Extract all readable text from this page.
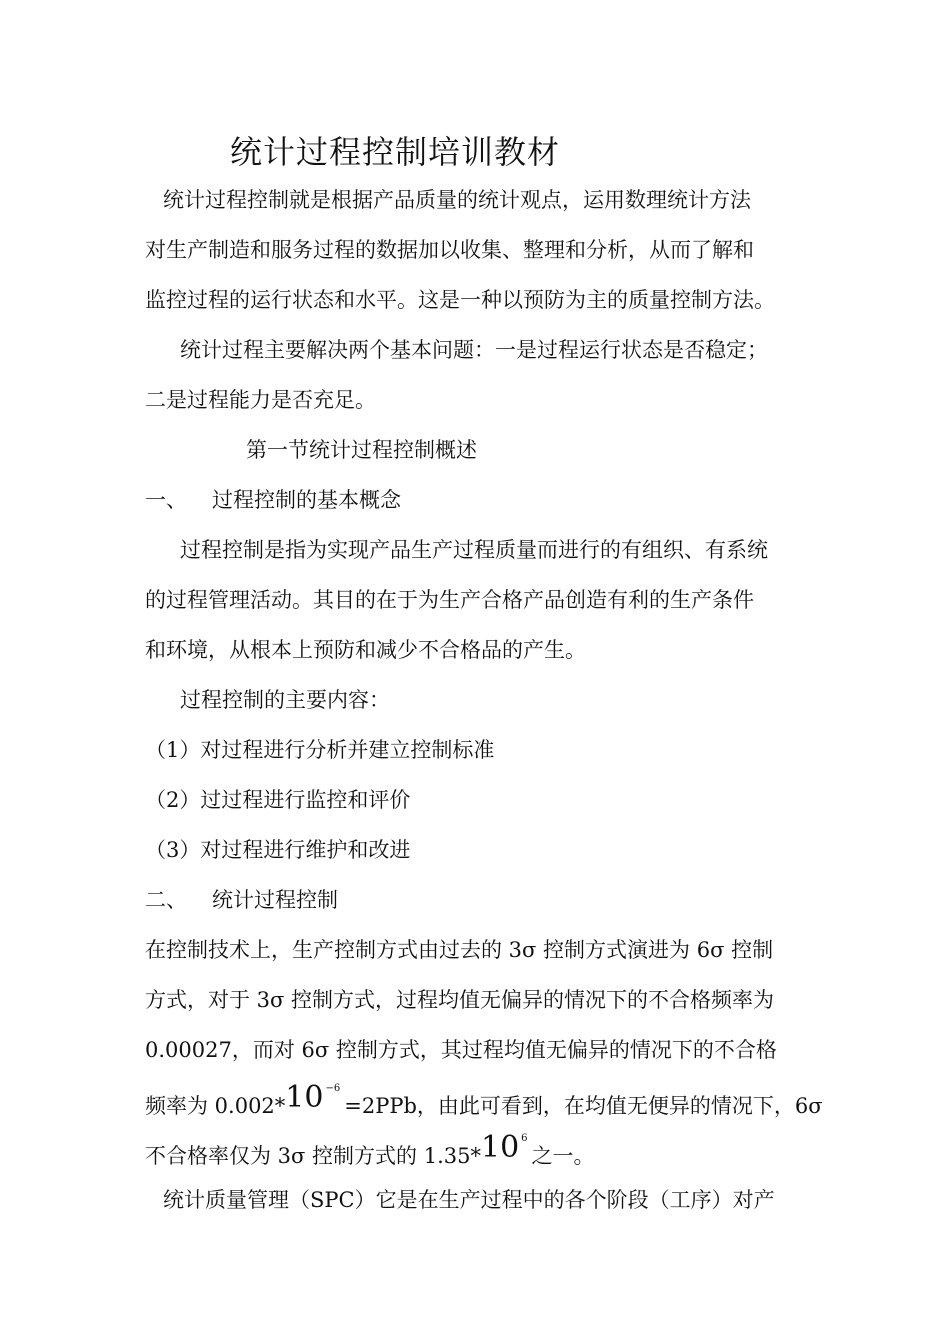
统计过程控制培训教材
统计过程控制就是根据产品质量的统计观点，运用数理统计方法
对生产制造和服务过程的数据加以收集、整理和分析，从而了解和
监控过程的运行状态和水平。这是一种以预防为主的质量控制方法。
统计过程主要解决两个基本问题：一是过程运行状态是否稳定；
二是过程能力是否充足。
第一节统计过程控制概述
一、 过程控制的基本概念
过程控制是指为实现产品生产过程质量而进行的有组织、有系统
的过程管理活动。其目的在于为生产合格产品创造有利的生产条件
和环境，从根本上预防和减少不合格品的产生。
过程控制的主要内容：
（1）对过程进行分析并建立控制标准
（2）过过程进行监控和评价
（3）对过程进行维护和改进
二、 统计过程控制
在控制技术上，生产控制方式由过去的 3σ 控制方式演进为 6σ 控制
方式，对于 3σ 控制方式，过程均值无偏异的情况下的不合格频率为
0.00027，而对 6σ 控制方式，其过程均值无偏异的情况下的不合格
频率为 0.002*10 $^{-6}$=2PPb，由此可看到，在均值无便异的情况下，6σ
不合格率仅为 3σ 控制方式的 1.35*10 $^6$之一。
统计质量管理（SPC）它是在生产过程中的各个阶段（工序）对产
